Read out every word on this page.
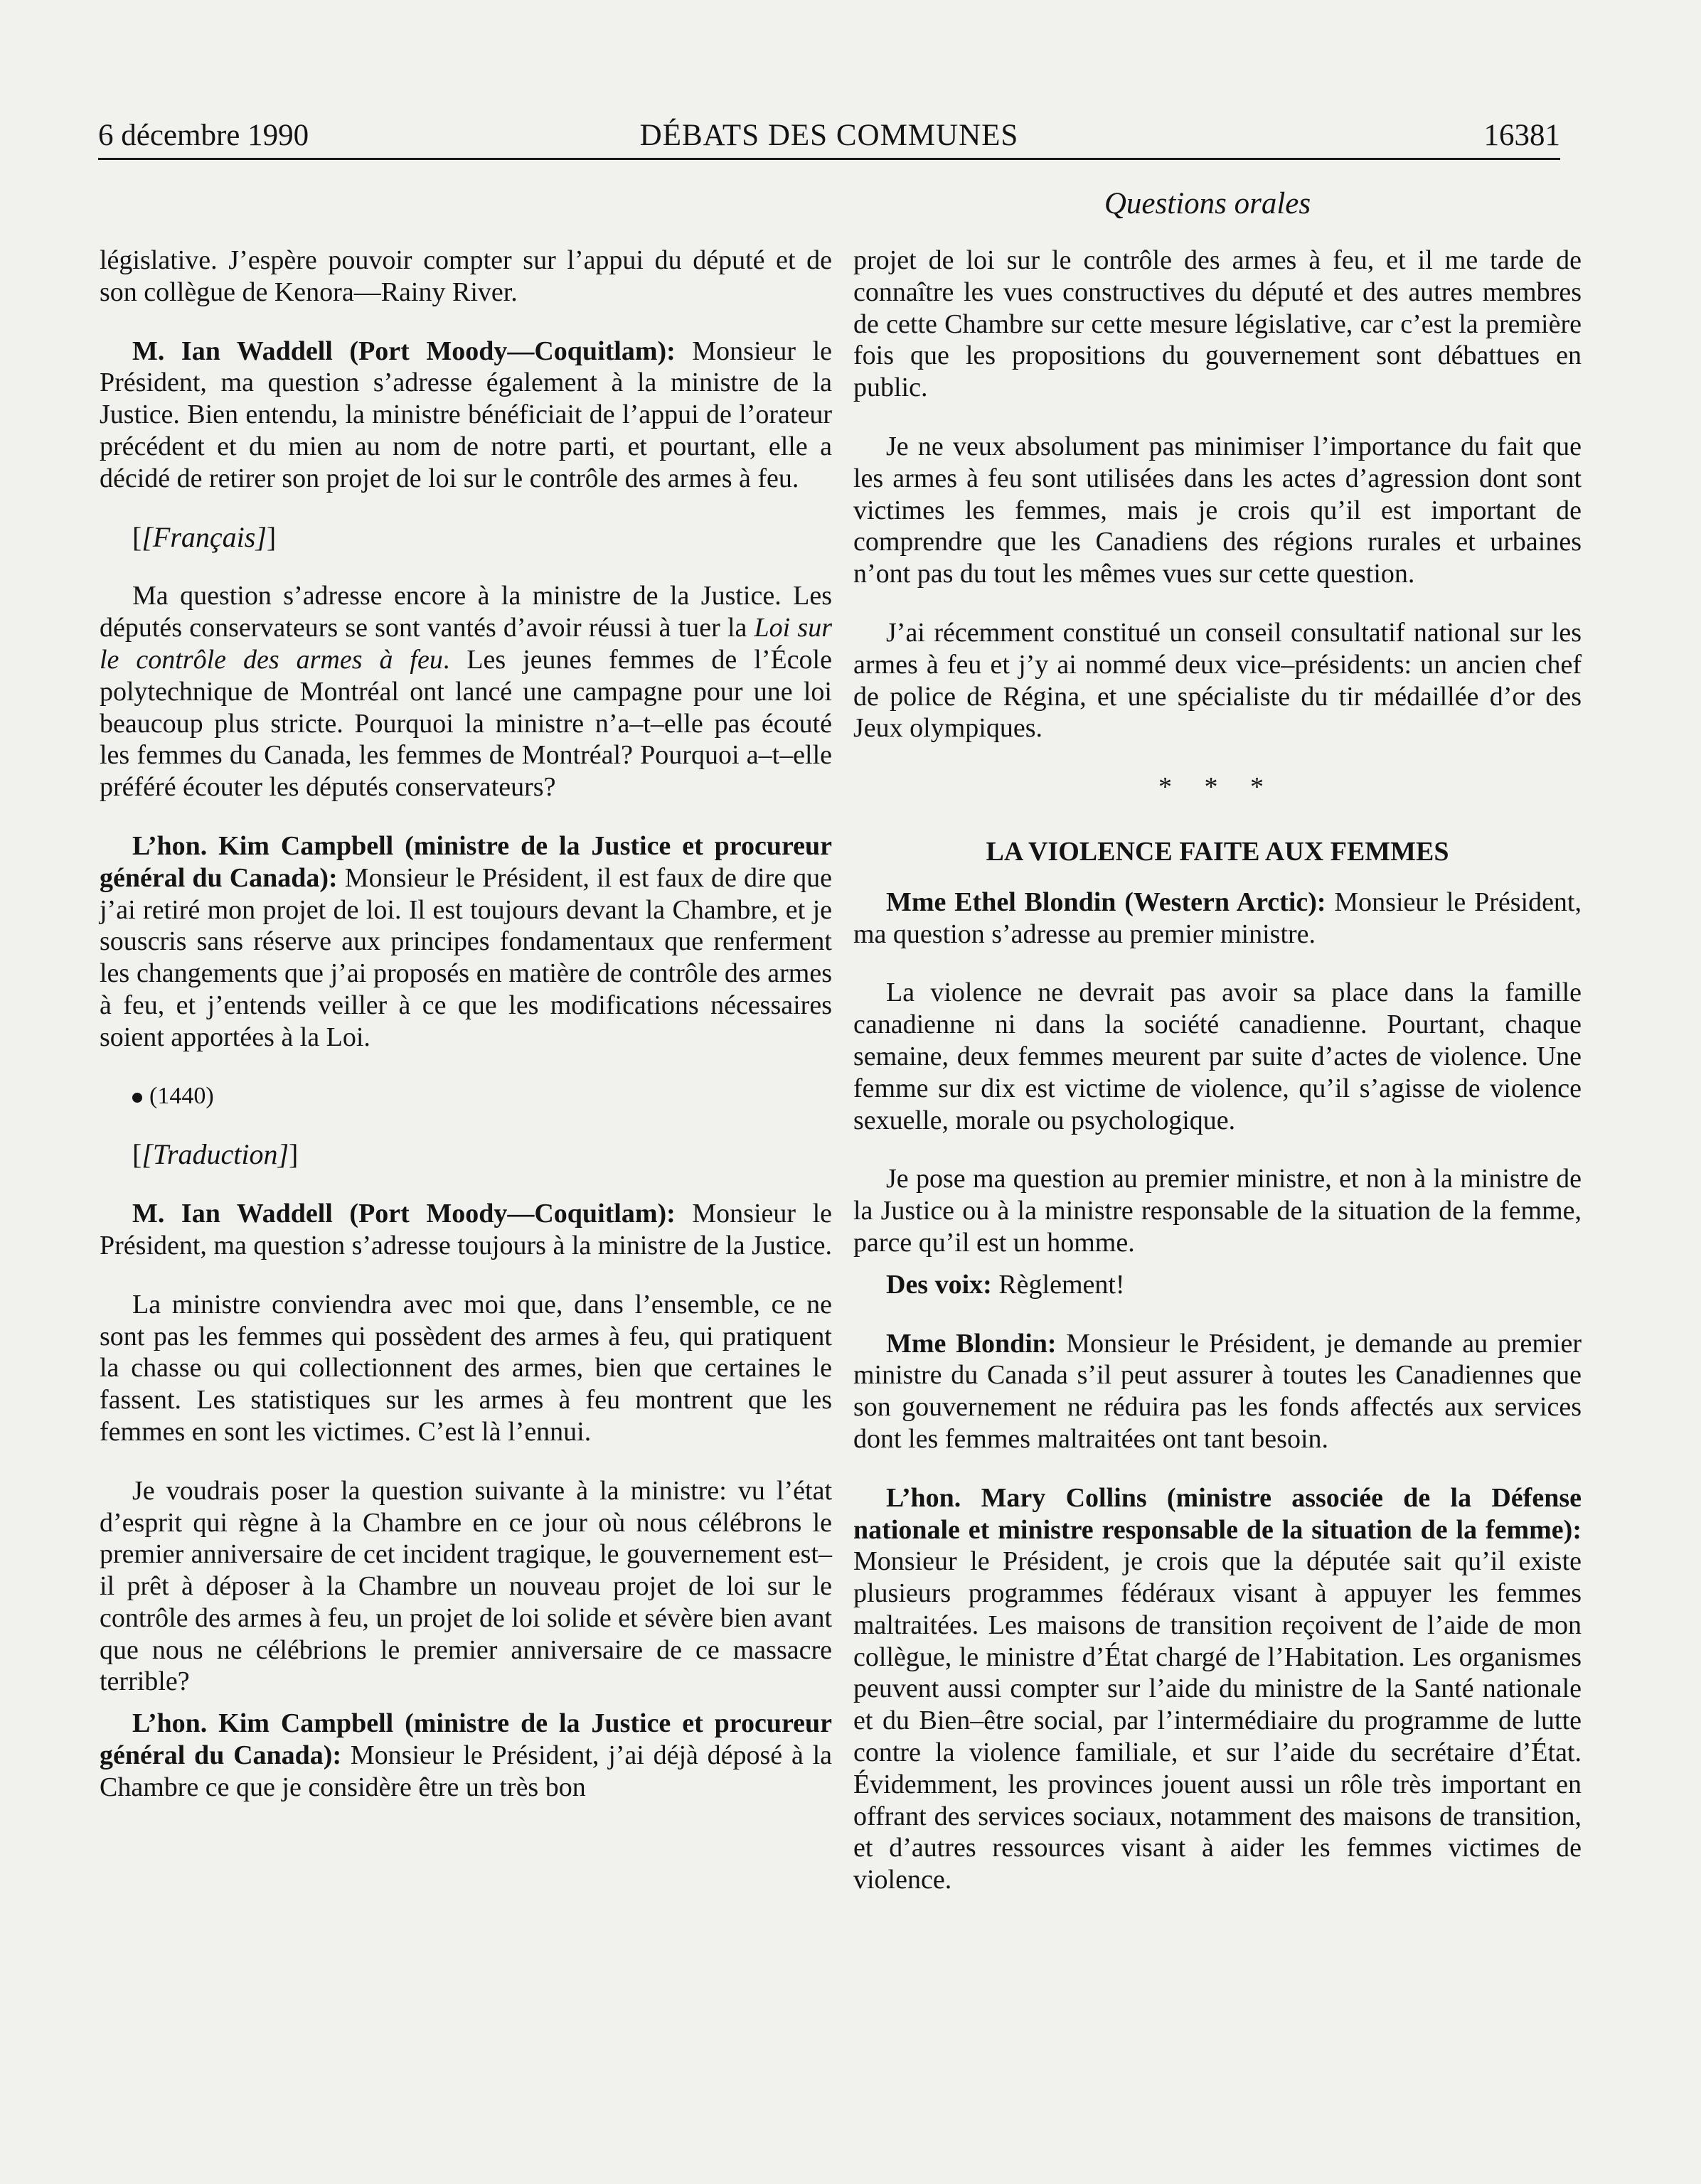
6 décembre 1990	DÉBATS DES COMMUNES	16381
Questions orales

législative. J’espère pouvoir compter sur l’appui du député et de son collègue de Kenora—Rainy River.

M. Ian Waddell (Port Moody—Coquitlam): Monsieur le Président, ma question s’adresse également à la ministre de la Justice. Bien entendu, la ministre bénéficiait de l’appui de l’orateur précédent et du mien au nom de notre parti, et pourtant, elle a décidé de retirer son projet de loi sur le contrôle des armes à feu.

[[Français]]

Ma question s’adresse encore à la ministre de la Justice. Les députés conservateurs se sont vantés d’avoir réussi à tuer la Loi sur le contrôle des armes à feu. Les jeunes femmes de l’École polytechnique de Montréal ont lancé une campagne pour une loi beaucoup plus stricte. Pourquoi la ministre n’a–t–elle pas écouté les femmes du Canada, les femmes de Montréal? Pourquoi a–t–elle préféré écouter les députés conservateurs?

L’hon. Kim Campbell (ministre de la Justice et procureur général du Canada): Monsieur le Président, il est faux de dire que j’ai retiré mon projet de loi. Il est toujours devant la Chambre, et je souscris sans réserve aux principes fondamentaux que renferment les changements que j’ai proposés en matière de contrôle des armes à feu, et j’entends veiller à ce que les modifications nécessaires soient apportées à la Loi.

(1440)

[[Traduction]]

M. Ian Waddell (Port Moody—Coquitlam): Monsieur le Président, ma question s’adresse toujours à la ministre de la Justice.

La ministre conviendra avec moi que, dans l’ensemble, ce ne sont pas les femmes qui possèdent des armes à feu, qui pratiquent la chasse ou qui collectionnent des armes, bien que certaines le fassent. Les statistiques sur les armes à feu montrent que les femmes en sont les victimes. C’est là l’ennui.

Je voudrais poser la question suivante à la ministre: vu l’état d’esprit qui règne à la Chambre en ce jour où nous célébrons le premier anniversaire de cet incident tragique, le gouvernement est–il prêt à déposer à la Chambre un nouveau projet de loi sur le contrôle des armes à feu, un projet de loi solide et sévère bien avant que nous ne célébrions le premier anniversaire de ce massacre terrible?

L’hon. Kim Campbell (ministre de la Justice et procureur général du Canada): Monsieur le Président, j’ai déjà déposé à la Chambre ce que je considère être un très bon

projet de loi sur le contrôle des armes à feu, et il me tarde de connaître les vues constructives du député et des autres membres de cette Chambre sur cette mesure législative, car c’est la première fois que les propositions du gouvernement sont débattues en public.

Je ne veux absolument pas minimiser l’importance du fait que les armes à feu sont utilisées dans les actes d’agression dont sont victimes les femmes, mais je crois qu’il est important de comprendre que les Canadiens des régions rurales et urbaines n’ont pas du tout les mêmes vues sur cette question.

J’ai récemment constitué un conseil consultatif national sur les armes à feu et j’y ai nommé deux vice–présidents: un ancien chef de police de Régina, et une spécialiste du tir médaillée d’or des Jeux olympiques.

* * *

LA VIOLENCE FAITE AUX FEMMES

Mme Ethel Blondin (Western Arctic): Monsieur le Président, ma question s’adresse au premier ministre.

La violence ne devrait pas avoir sa place dans la famille canadienne ni dans la société canadienne. Pourtant, chaque semaine, deux femmes meurent par suite d’actes de violence. Une femme sur dix est victime de violence, qu’il s’agisse de violence sexuelle, morale ou psychologique.

Je pose ma question au premier ministre, et non à la ministre de la Justice ou à la ministre responsable de la situation de la femme, parce qu’il est un homme.

Des voix: Règlement!

Mme Blondin: Monsieur le Président, je demande au premier ministre du Canada s’il peut assurer à toutes les Canadiennes que son gouvernement ne réduira pas les fonds affectés aux services dont les femmes maltraitées ont tant besoin.

L’hon. Mary Collins (ministre associée de la Défense nationale et ministre responsable de la situation de la femme): Monsieur le Président, je crois que la députée sait qu’il existe plusieurs programmes fédéraux visant à appuyer les femmes maltraitées. Les maisons de transition reçoivent de l’aide de mon collègue, le ministre d’État chargé de l’Habitation. Les organismes peuvent aussi compter sur l’aide du ministre de la Santé nationale et du Bien–être social, par l’intermédiaire du programme de lutte contre la violence familiale, et sur l’aide du secrétaire d’État. Évidemment, les provinces jouent aussi un rôle très important en offrant des services sociaux, notamment des maisons de transition, et d’autres ressources visant à aider les femmes victimes de violence.
